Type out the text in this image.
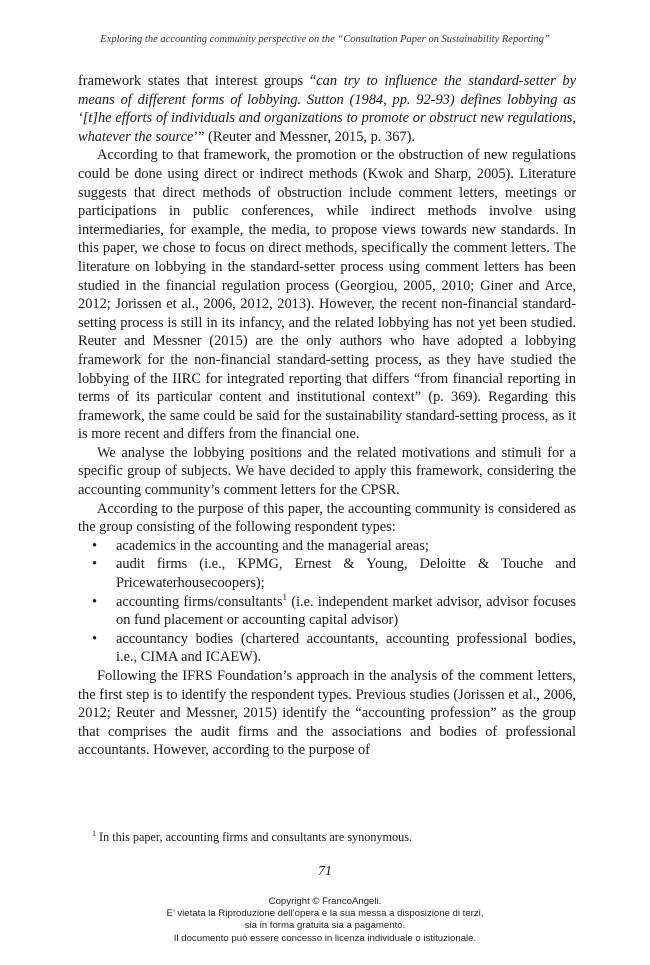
Exploring the accounting community perspective on the “Consultation Paper on Sustainability Reporting”

framework states that interest groups “can try to influence the standard-setter by means of different forms of lobbying. Sutton (1984, pp. 92-93) defines lobbying as ‘[t]he efforts of individuals and organizations to promote or obstruct new regulations, whatever the source’” (Reuter and Messner, 2015, p. 367).

According to that framework, the promotion or the obstruction of new regulations could be done using direct or indirect methods (Kwok and Sharp, 2005). Literature suggests that direct methods of obstruction include comment letters, meetings or participations in public conferences, while indirect methods involve using intermediaries, for example, the media, to propose views towards new standards. In this paper, we chose to focus on direct methods, specifically the comment letters. The literature on lobbying in the standard-setter process using comment letters has been studied in the financial regulation process (Georgiou, 2005, 2010; Giner and Arce, 2012; Jorissen et al., 2006, 2012, 2013). However, the recent non-financial standard-setting process is still in its infancy, and the related lobbying has not yet been studied. Reuter and Messner (2015) are the only authors who have adopted a lobbying framework for the non-financial standard-setting process, as they have studied the lobbying of the IIRC for integrated reporting that differs “from financial reporting in terms of its particular content and institutional context” (p. 369). Regarding this framework, the same could be said for the sustainability standard-setting process, as it is more recent and differs from the financial one.

We analyse the lobbying positions and the related motivations and stimuli for a specific group of subjects. We have decided to apply this framework, considering the accounting community’s comment letters for the CPSR.

According to the purpose of this paper, the accounting community is considered as the group consisting of the following respondent types:

• academics in the accounting and the managerial areas;
• audit firms (i.e., KPMG, Ernest & Young, Deloitte & Touche and Pricewaterhousecoopers);
• accounting firms/consultants$^1$ (i.e. independent market advisor, advisor focuses on fund placement or accounting capital advisor)
• accountancy bodies (chartered accountants, accounting professional bodies, i.e., CIMA and ICAEW).

Following the IFRS Foundation’s approach in the analysis of the comment letters, the first step is to identify the respondent types. Previous studies (Jorissen et al., 2006, 2012; Reuter and Messner, 2015) identify the “accounting profession” as the group that comprises the audit firms and the associations and bodies of professional accountants. However, according to the purpose of

$^1$ In this paper, accounting firms and consultants are synonymous.
71
Copyright © FrancoAngeli.
E’ vietata la Riproduzione dell’opera e la sua messa a disposizione di terzi,
sia in forma gratuita sia a pagamento.
Il documento può essere concesso in licenza individuale o istituzionale.
